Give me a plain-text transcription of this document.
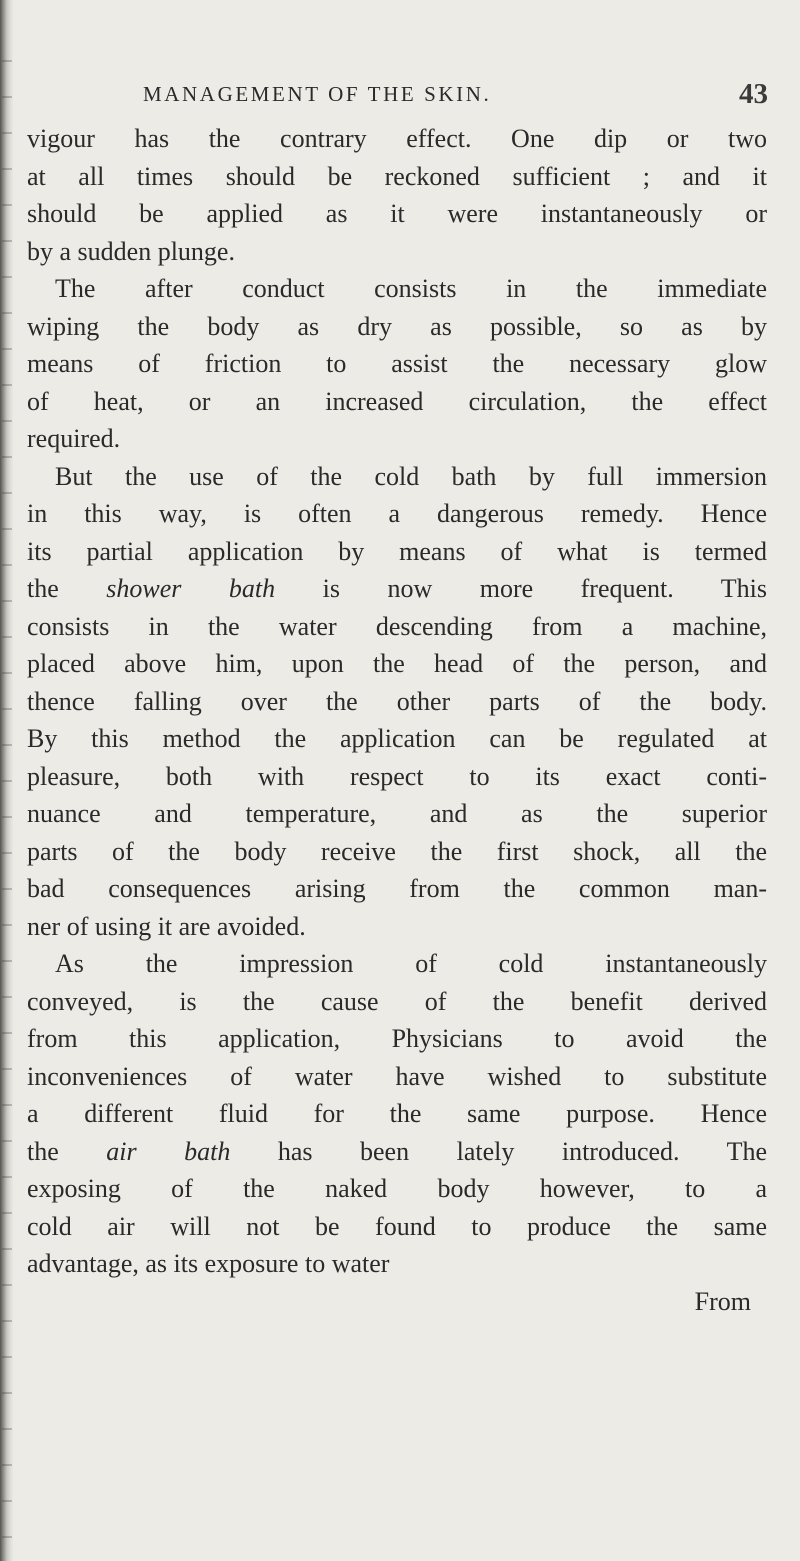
MANAGEMENT OF THE SKIN.	43
vigour has the contrary effect. One dip or two
at all times should be reckoned sufficient ; and it
should be applied as it were instantaneously or
by a sudden plunge.
The after conduct consists in the immediate
wiping the body as dry as possible, so as by
means of friction to assist the necessary glow
of heat, or an increased circulation, the effect
required.
But the use of the cold bath by full immersion
in this way, is often a dangerous remedy. Hence
its partial application by means of what is termed
the shower bath is now more frequent. This
consists in the water descending from a machine,
placed above him, upon the head of the person, and
thence falling over the other parts of the body.
By this method the application can be regulated at
pleasure, both with respect to its exact conti-
nuance and temperature, and as the superior
parts of the body receive the first shock, all the
bad consequences arising from the common man-
ner of using it are avoided.
As the impression of cold instantaneously
conveyed, is the cause of the benefit derived
from this application, Physicians to avoid the
inconveniences of water have wished to substitute
a different fluid for the same purpose. Hence
the air bath has been lately introduced. The
exposing of the naked body however, to a
cold air will not be found to produce the same
advantage, as its exposure to water
From
